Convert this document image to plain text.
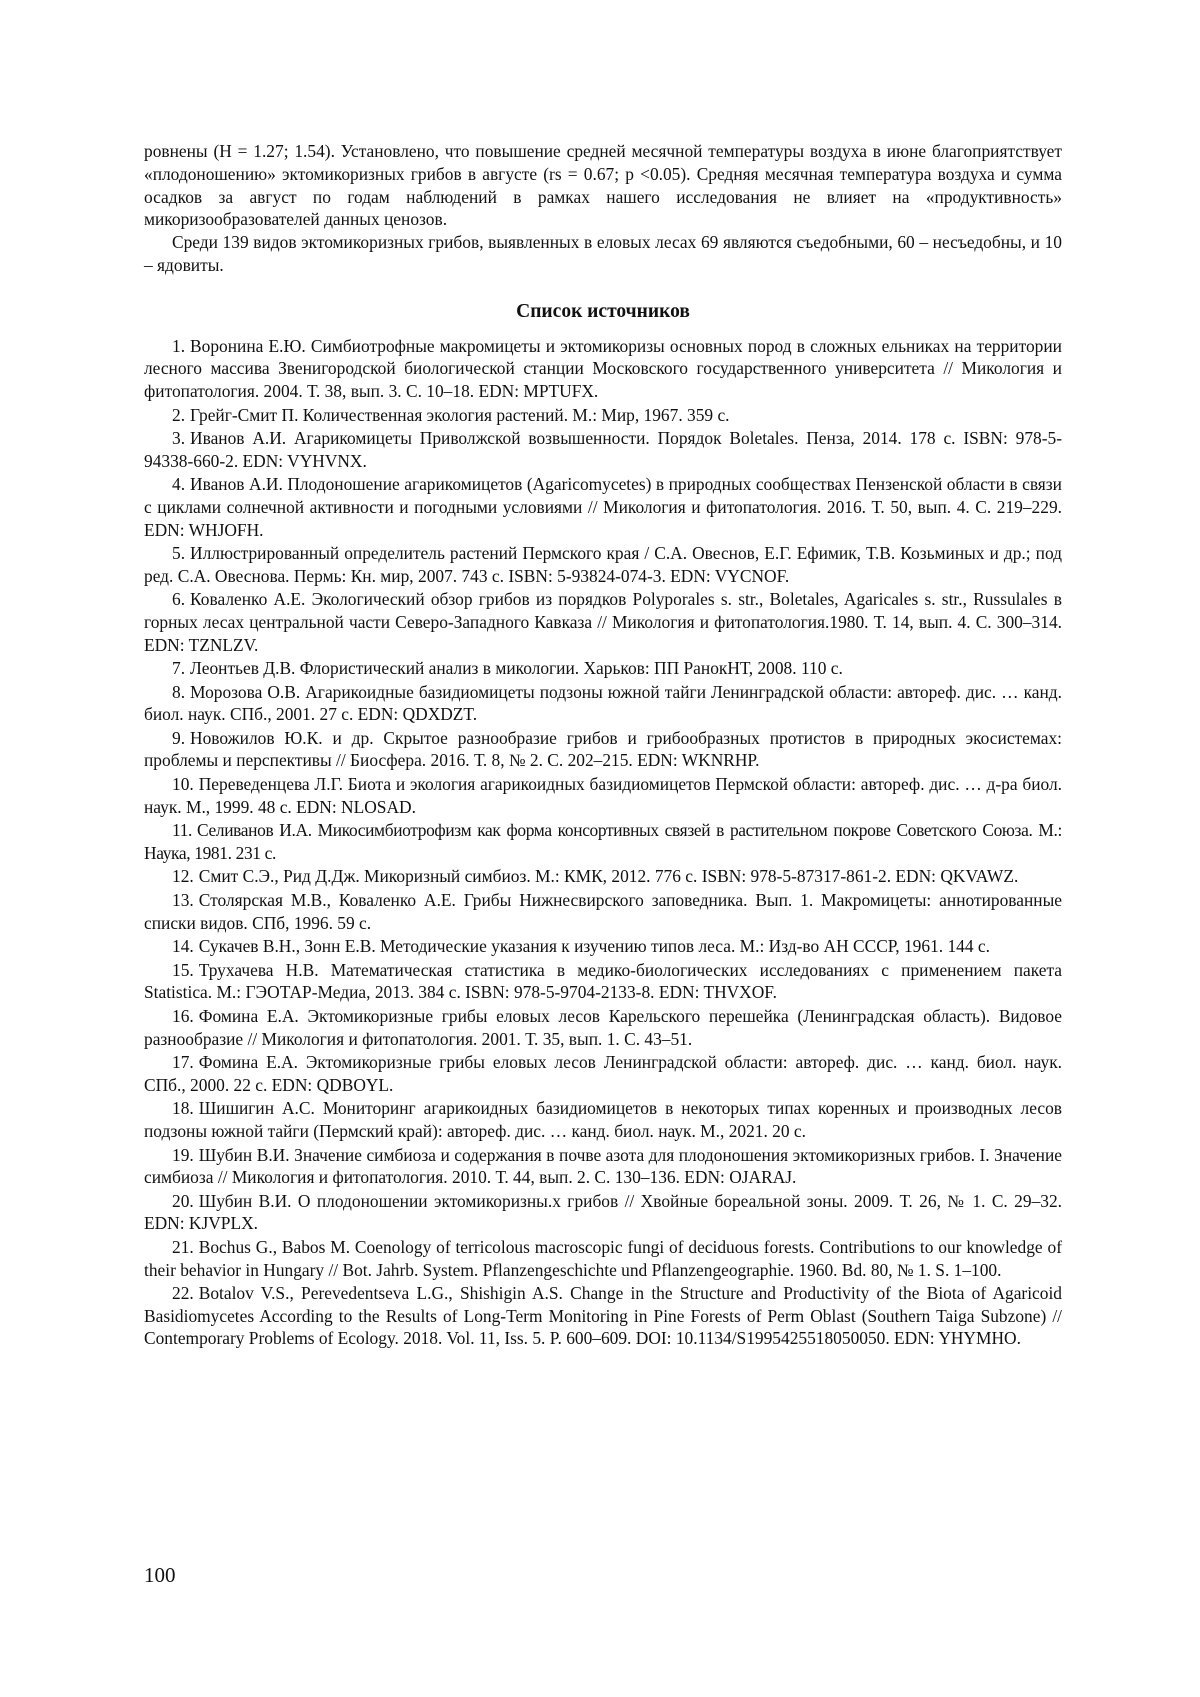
ровнены (H = 1.27; 1.54). Установлено, что повышение средней месячной температуры воздуха в июне благоприятствует «плодоношению» эктомикоризных грибов в августе (rs = 0.67; p <0.05). Средняя месячная температура воздуха и сумма осадков за август по годам наблюдений в рамках нашего исследования не влияет на «продуктивность» микоризообразователей данных ценозов.

Среди 139 видов эктомикоризных грибов, выявленных в еловых лесах 69 являются съедобными, 60 – несъедобны, и 10 – ядовиты.

Список источников
1. Воронина Е.Ю. Симбиотрофные макромицеты и эктомикоризы основных пород в сложных ельниках на территории лесного массива Звенигородской биологической станции Московского государственного университета // Микология и фитопатология. 2004. Т. 38, вып. 3. С. 10–18. EDN: MPTUFX.
2. Грейг-Смит П. Количественная экология растений. М.: Мир, 1967. 359 с.
3. Иванов А.И. Агарикомицеты Приволжской возвышенности. Порядок Boletales. Пенза, 2014. 178 с. ISBN: 978-5-94338-660-2. EDN: VYHVNX.
4. Иванов А.И. Плодоношение агарикомицетов (Agaricomycetes) в природных сообществах Пензенской области в связи с циклами солнечной активности и погодными условиями // Микология и фитопатология. 2016. Т. 50, вып. 4. С. 219–229. EDN: WHJOFH.
5. Иллюстрированный определитель растений Пермского края / С.А. Овеснов, Е.Г. Ефимик, Т.В. Козьминых и др.; под ред. С.А. Овеснова. Пермь: Кн. мир, 2007. 743 с. ISBN: 5-93824-074-3. EDN: VYCNOF.
6. Коваленко А.Е. Экологический обзор грибов из порядков Polyporales s. str., Boletales, Agaricales s. str., Russulales в горных лесах центральной части Северо-Западного Кавказа // Микология и фитопатология.1980. Т. 14, вып. 4. С. 300–314. EDN: TZNLZV.
7. Леонтьев Д.В. Флористический анализ в микологии. Харьков: ПП РанокНТ, 2008. 110 с.
8. Морозова О.В. Агарикоидные базидиомицеты подзоны южной тайги Ленинградской области: автореф. дис. … канд. биол. наук. СПб., 2001. 27 с. EDN: QDXDZT.
9. Новожилов Ю.К. и др. Скрытое разнообразие грибов и грибообразных протистов в природных экосистемах: проблемы и перспективы // Биосфера. 2016. Т. 8, № 2. С. 202–215. EDN: WKNRHP.
10. Переведенцева Л.Г. Биота и экология агарикоидных базидиомицетов Пермской области: автореф. дис. … д-ра биол. наук. М., 1999. 48 с. EDN: NLOSAD.
11. Селиванов И.А. Микосимбиотрофизм как форма консортивных связей в растительном покрове Советского Союза. М.: Наука, 1981. 231 с.
12. Смит С.Э., Рид Д.Дж. Микоризный симбиоз. М.: КМК, 2012. 776 с. ISBN: 978-5-87317-861-2. EDN: QKVAWZ.
13. Столярская М.В., Коваленко А.Е. Грибы Нижнесвирского заповедника. Вып. 1. Макромицеты: аннотированные списки видов. СПб, 1996. 59 с.
14. Сукачев В.Н., Зонн Е.В. Методические указания к изучению типов леса. М.: Изд-во АН СССР, 1961. 144 с.
15. Трухачева Н.В. Математическая статистика в медико-биологических исследованиях с применением пакета Statistica. М.: ГЭОТАР-Медиа, 2013. 384 с. ISBN: 978-5-9704-2133-8. EDN: THVXOF.
16. Фомина Е.А. Эктомикоризные грибы еловых лесов Карельского перешейка (Ленинградская область). Видовое разнообразие // Микология и фитопатология. 2001. Т. 35, вып. 1. С. 43–51.
17. Фомина Е.А. Эктомикоризные грибы еловых лесов Ленинградской области: автореф. дис. … канд. биол. наук. СПб., 2000. 22 с. EDN: QDBOYL.
18. Шишигин А.С. Мониторинг агарикоидных базидиомицетов в некоторых типах коренных и производных лесов подзоны южной тайги (Пермский край): автореф. дис. … канд. биол. наук. М., 2021. 20 с.
19. Шубин В.И. Значение симбиоза и содержания в почве азота для плодоношения эктомикоризных грибов. I. Значение симбиоза // Микология и фитопатология. 2010. Т. 44, вып. 2. С. 130–136. EDN: OJARAJ.
20. Шубин В.И. О плодоношении эктомикоризны.х грибов // Хвойные бореальной зоны. 2009. Т. 26, № 1. С. 29–32. EDN: KJVPLX.
21. Bochus G., Babos M. Coenology of terricolous macroscopic fungi of deciduous forests. Contributions to our knowledge of their behavior in Hungary // Bot. Jahrb. System. Pflanzengeschichte und Pflanzengeographie. 1960. Bd. 80, № 1. S. 1–100.
22. Botalov V.S., Perevedentseva L.G., Shishigin A.S. Change in the Structure and Productivity of the Biota of Agaricoid Basidiomycetes According to the Results of Long-Term Monitoring in Pine Forests of Perm Oblast (Southern Taiga Subzone) // Contemporary Problems of Ecology. 2018. Vol. 11, Iss. 5. P. 600–609. DOI: 10.1134/S1995425518050050. EDN: YHYMHO.
100
